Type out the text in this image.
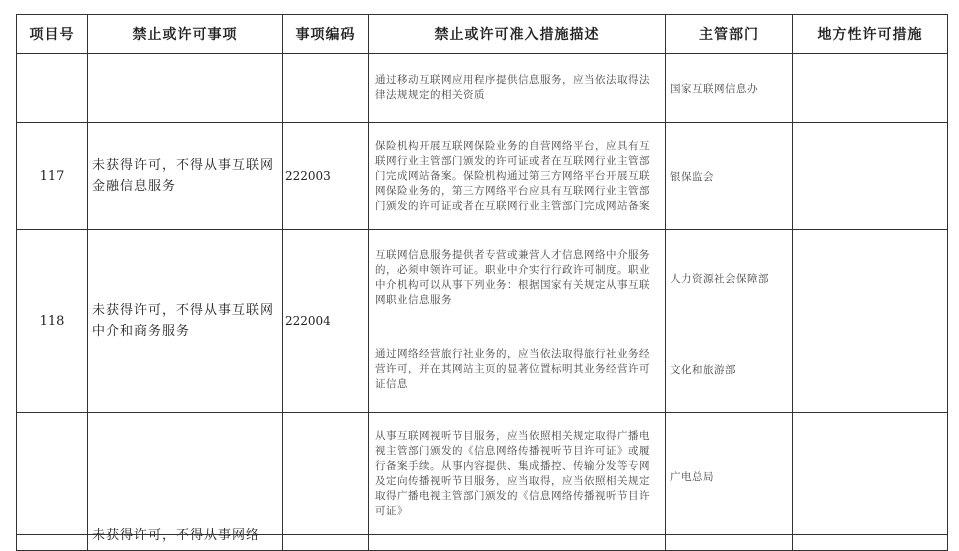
项目号	禁止或许可事项	事项编码	禁止或许可准入措施描述	主管部门	地方性许可措施
			通过移动互联网应用程序提供信息服务，应当依法取得法律法规规定的相关资质	国家互联网信息办	
117	未获得许可，不得从事互联网金融信息服务	222003	保险机构开展互联网保险业务的自营网络平台，应具有互联网行业主管部门颁发的许可证或者在互联网行业主管部门完成网站备案。保险机构通过第三方网络平台开展互联网保险业务的，第三方网络平台应具有互联网行业主管部门颁发的许可证或者在互联网行业主管部门完成网站备案	银保监会	
118	未获得许可，不得从事互联网中介和商务服务	222004	互联网信息服务提供者专营或兼营人才信息网络中介服务的，必须申领许可证。职业中介实行行政许可制度。职业中介机构可以从事下列业务：根据国家有关规定从事互联网职业信息服务	人力资源社会保障部	
			通过网络经营旅行社业务的，应当依法取得旅行社业务经营许可，并在其网站主页的显著位置标明其业务经营许可证信息	文化和旅游部	
	未获得许可，不得从事网络		从事互联网视听节目服务，应当依照相关规定取得广播电视主管部门颁发的《信息网络传播视听节目许可证》或履行备案手续。从事内容提供、集成播控、传输分发等专网及定向传播视听节目服务，应当取得，应当依照相关规定取得广播电视主管部门颁发的《信息网络传播视听节目许可证》	广电总局	
